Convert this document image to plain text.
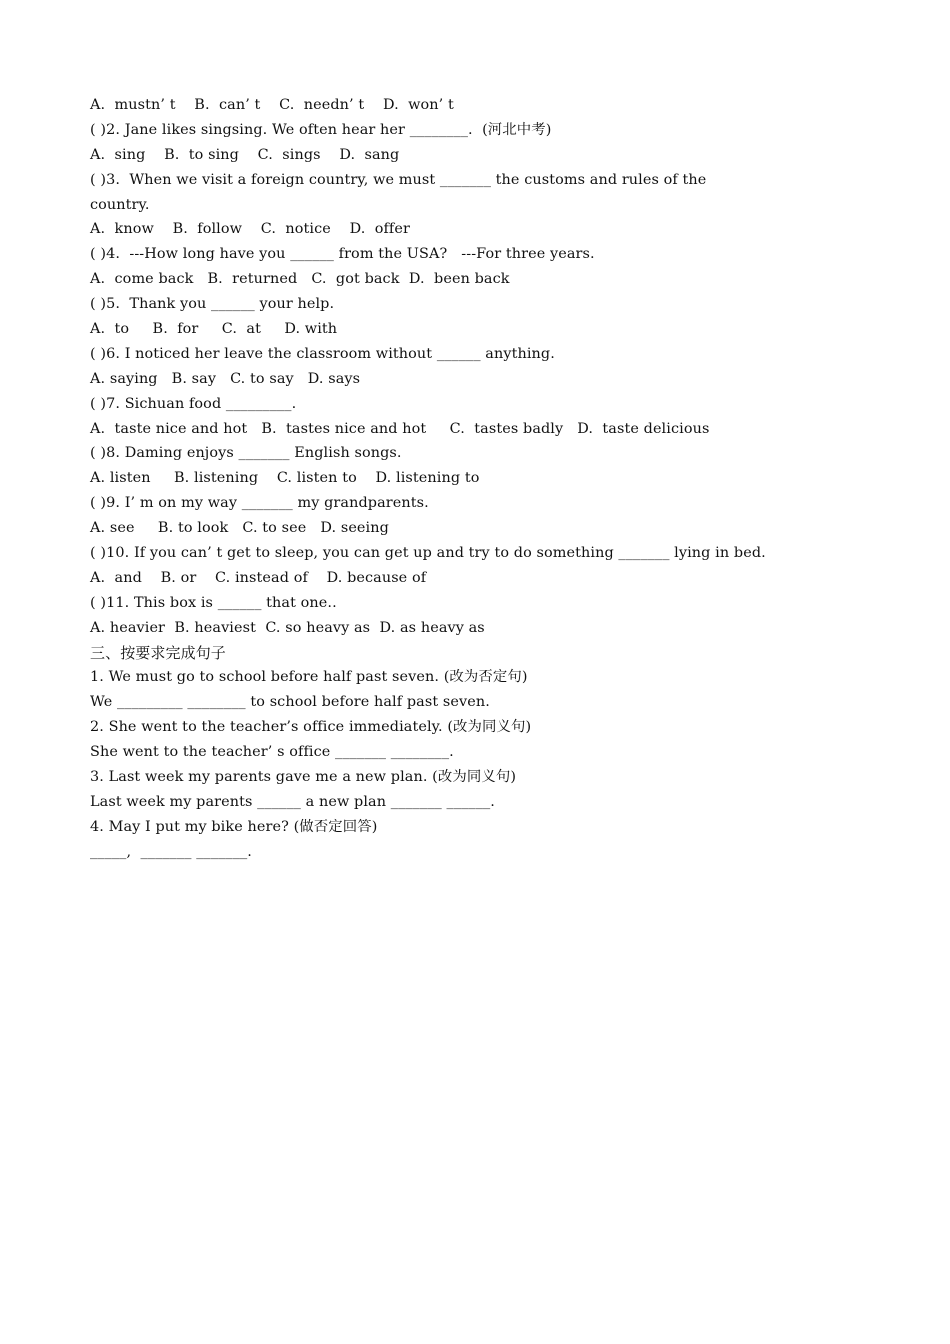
A.  mustn’ t    B.  can’ t    C.  needn’ t    D.  won’ t
( )2. Jane likes singsing. We often hear her ________.  (河北中考)
A.  sing    B.  to sing    C.  sings    D.  sang
( )3.  When we visit a foreign country, we must _______ the customs and rules of the
country.
A.  know    B.  follow    C.  notice    D.  offer
( )4.  ---How long have you ______ from the USA?   ---For three years.
A.  come back   B.  returned   C.  got back  D.  been back
( )5.  Thank you ______ your help.
A.  to     B.  for     C.  at     D. with
( )6. I noticed her leave the classroom without ______ anything.
A. saying   B. say   C. to say   D. says
( )7. Sichuan food _________.
A.  taste nice and hot   B.  tastes nice and hot     C.  tastes badly   D.  taste delicious
( )8. Daming enjoys _______ English songs.
A. listen     B. listening    C. listen to    D. listening to
( )9. I’ m on my way _______ my grandparents.
A. see     B. to look   C. to see   D. seeing
( )10. If you can’ t get to sleep, you can get up and try to do something _______ lying in bed.
A.  and    B. or    C. instead of    D. because of
( )11. This box is ______ that one..
A. heavier  B. heaviest  C. so heavy as  D. as heavy as
三、按要求完成句子
1. We must go to school before half past seven. (改为否定句)
We _________ ________ to school before half past seven.
2. She went to the teacher’s office immediately. (改为同义句)
She went to the teacher’ s office _______ ________.
3. Last week my parents gave me a new plan. (改为同义句)
Last week my parents ______ a new plan _______ ______.
4. May I put my bike here? (做否定回答)
_____,  _______ _______.
